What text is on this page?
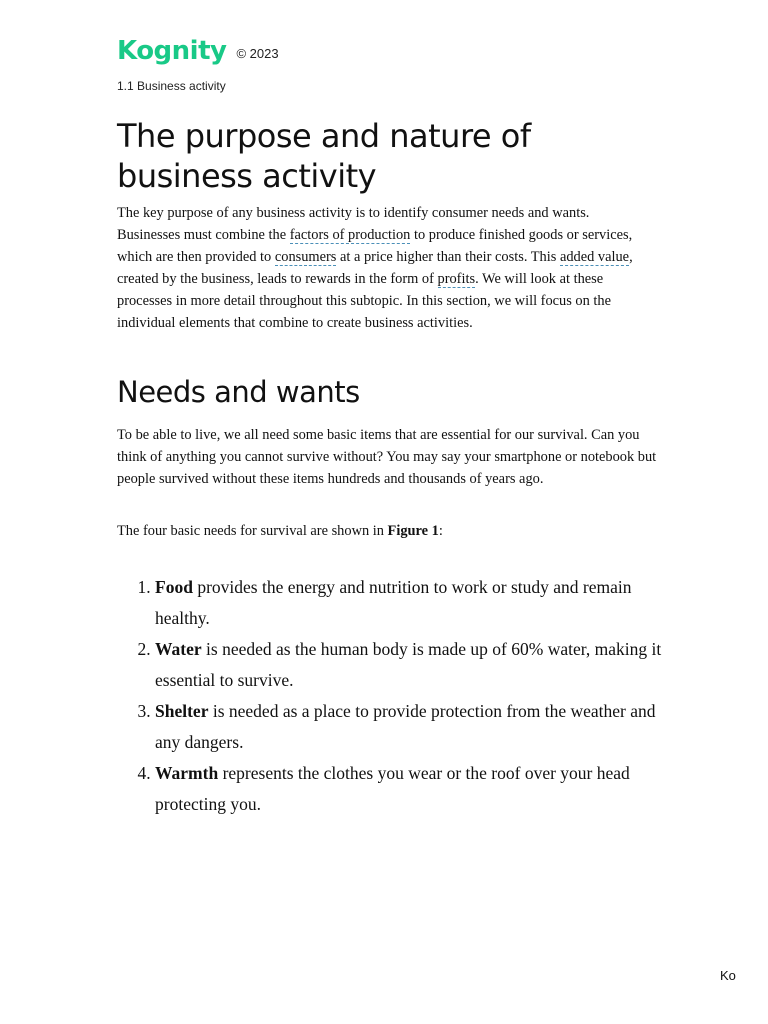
Kognity © 2023
1.1 Business activity
The purpose and nature of business activity

The key purpose of any business activity is to identify consumer needs and wants. Businesses must combine the factors of production to produce finished goods or services, which are then provided to consumers at a price higher than their costs. This added value, created by the business, leads to rewards in the form of profits. We will look at these processes in more detail throughout this subtopic. In this section, we will focus on the individual elements that combine to create business activities.

Needs and wants

To be able to live, we all need some basic items that are essential for our survival. Can you think of anything you cannot survive without? You may say your smartphone or notebook but people survived without these items hundreds and thousands of years ago.

The four basic needs for survival are shown in Figure 1:

1. Food provides the energy and nutrition to work or study and remain healthy.
2. Water is needed as the human body is made up of 60% water, making it essential to survive.
3. Shelter is needed as a place to provide protection from the weather and any dangers.
4. Warmth represents the clothes you wear or the roof over your head protecting you.
Ko
